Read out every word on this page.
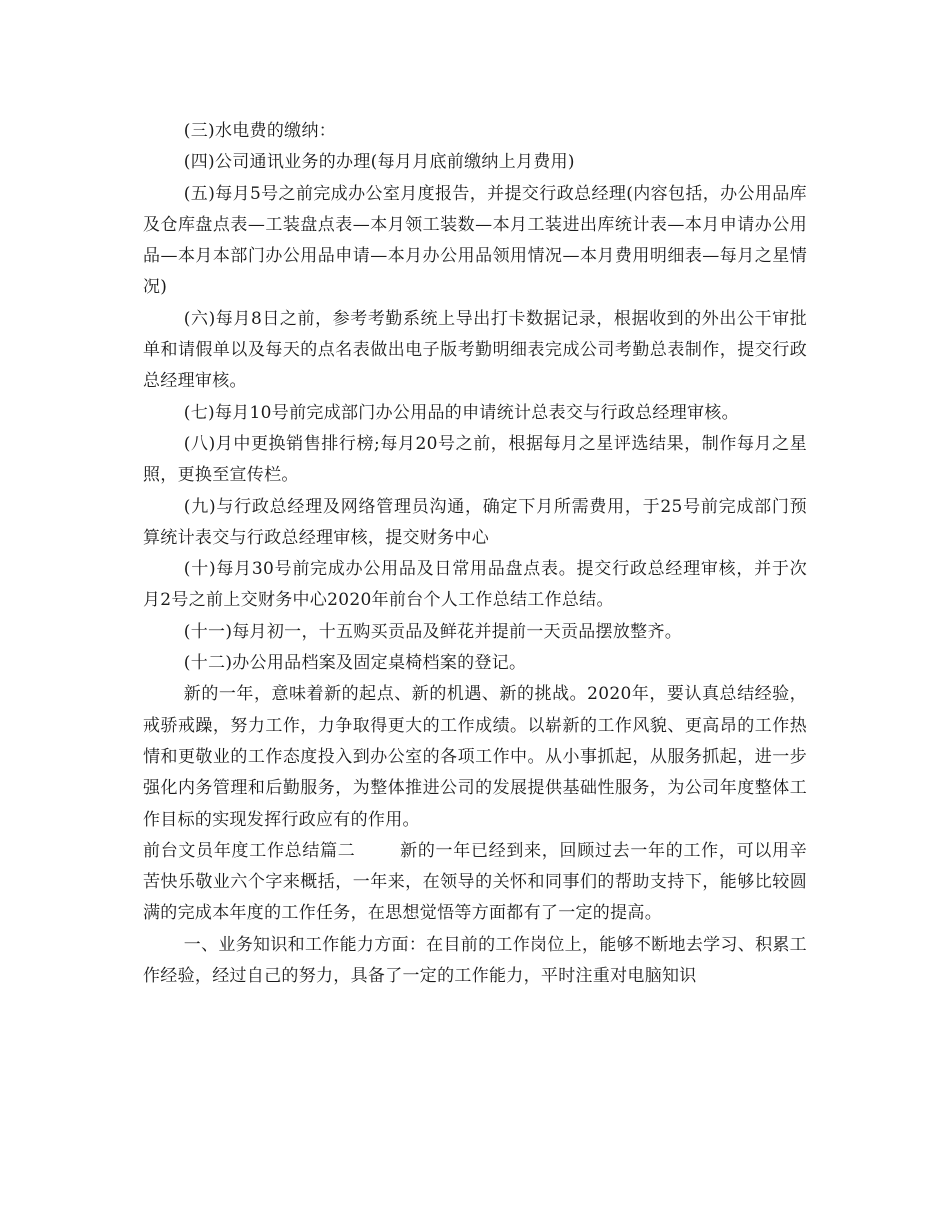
(三)水电费的缴纳：

(四)公司通讯业务的办理(每月月底前缴纳上月费用)

(五)每月5号之前完成办公室月度报告，并提交行政总经理(内容包括，办公用品库及仓库盘点表—工装盘点表—本月领工装数—本月工装进出库统计表—本月申请办公用品—本月本部门办公用品申请—本月办公用品领用情况—本月费用明细表—每月之星情况)

(六)每月8日之前，参考考勤系统上导出打卡数据记录，根据收到的外出公干审批单和请假单以及每天的点名表做出电子版考勤明细表完成公司考勤总表制作，提交行政总经理审核。

(七)每月10号前完成部门办公用品的申请统计总表交与行政总经理审核。

(八)月中更换销售排行榜;每月20号之前，根据每月之星评选结果，制作每月之星照，更换至宣传栏。

(九)与行政总经理及网络管理员沟通，确定下月所需费用，于25号前完成部门预算统计表交与行政总经理审核，提交财务中心

(十)每月30号前完成办公用品及日常用品盘点表。提交行政总经理审核，并于次月2号之前上交财务中心2020年前台个人工作总结工作总结。

(十一)每月初一，十五购买贡品及鲜花并提前一天贡品摆放整齐。

(十二)办公用品档案及固定桌椅档案的登记。

新的一年，意味着新的起点、新的机遇、新的挑战。2020年，要认真总结经验，戒骄戒躁，努力工作，力争取得更大的工作成绩。以崭新的工作风貌、更高昂的工作热情和更敬业的工作态度投入到办公室的各项工作中。从小事抓起，从服务抓起，进一步强化内务管理和后勤服务，为整体推进公司的发展提供基础性服务，为公司年度整体工作目标的实现发挥行政应有的作用。

前台文员年度工作总结篇二	新的一年已经到来，回顾过去一年的工作，可以用辛苦快乐敬业六个字来概括，一年来，在领导的关怀和同事们的帮助支持下，能够比较圆满的完成本年度的工作任务，在思想觉悟等方面都有了一定的提高。

一、业务知识和工作能力方面：在目前的工作岗位上，能够不断地去学习、积累工作经验，经过自己的努力，具备了一定的工作能力，平时注重对电脑知识
